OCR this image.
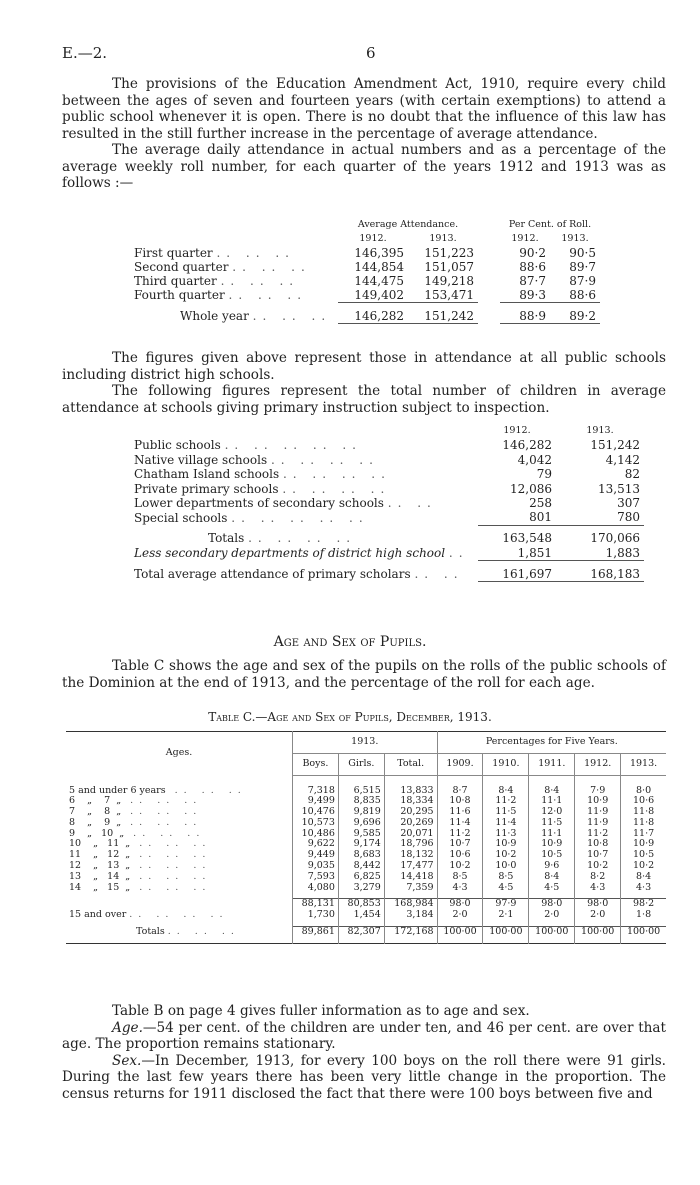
E.—2.	6

The provisions of the Education Amendment Act, 1910, require every child between the ages of seven and fourteen years (with certain exemptions) to attend a public school whenever it is open. There is no doubt that the influence of this law has resulted in the still further increase in the percentage of average attendance.

The average daily attendance in actual numbers and as a percentage of the average weekly roll number, for each quarter of the years 1912 and 1913 was as follows :—

	Average Attendance.			Per Cent. of Roll.	
	1912.	1913.		1912.	1913.
First quarter .. .. ..	146,395	151,223		90·2	90·5
Second quarter .. .. ..	144,854	151,057		88·6	89·7
Third quarter .. .. ..	144,475	149,218		87·7	87·9
Fourth quarter .. .. ..	149,402	153,471		89·3	88·6

Whole year .. .. ..	146,282	151,242		88·9	89·2

The figures given above represent those in attendance at all public schools including district high schools.

The following figures represent the total number of children in average attendance at schools giving primary instruction subject to inspection.

	1912.	1913.
Public schools .. .. .. .. ..	146,282	151,242
Native village schools .. .. .. ..	4,042	4,142
Chatham Island schools .. .. .. ..	79	82
Private primary schools .. .. .. ..	12,086	13,513
Lower departments of secondary schools .. ..	258	307
Special schools .. .. .. .. ..	801	780

Totals .. .. .. ..	163,548	170,066
Less secondary departments of district high school ..	1,851	1,883

Total average attendance of primary scholars .. ..	161,697	168,183

Age and Sex of Pupils.

Table C shows the age and sex of the pupils on the rolls of the public schools of the Dominion at the end of 1913, and the percentage of the roll for each age.

Table C.—Age and Sex of Pupils, December, 1913.
Ages.	1913.			Percentages for Five Years.				
	Boys.	Girls.	Total.	1909.	1910.	1911.	1912.	1913.

5 and under 6 years .. .. ..	7,318	6,515	13,833	8·7	8·4	8·4	7·9	8·0
6    „    7  „ .. .. ..	9,499	8,835	18,334	10·8	11·2	11·1	10·9	10·6
7    „    8  „ .. .. ..	10,476	9,819	20,295	11·6	11·5	12·0	11·9	11·8
8    „    9  „ .. .. ..	10,573	9,696	20,269	11·4	11·4	11·5	11·9	11·8
9    „   10  „ .. .. ..	10,486	9,585	20,071	11·2	11·3	11·1	11·2	11·7
10    „   11  „ .. .. ..	9,622	9,174	18,796	10·7	10·9	10·9	10·8	10·9
11    „   12  „ .. .. ..	9,449	8,683	18,132	10·6	10·2	10·5	10·7	10·5
12    „   13  „ .. .. ..	9,035	8,442	17,477	10·2	10·0	9·6	10·2	10·2
13    „   14  „ .. .. ..	7,593	6,825	14,418	8·5	8·5	8·4	8·2	8·4
14    „   15  „ .. .. ..	4,080	3,279	7,359	4·3	4·5	4·5	4·3	4·3

	88,131	80,853	168,984	98·0	97·9	98·0	98·0	98·2
15 and over .. .. .. ..	1,730	1,454	3,184	2·0	2·1	2·0	2·0	1·8

Totals .. .. ..	89,861	82,307	172,168	100·00	100·00	100·00	100·00	100·00

Table B on page 4 gives fuller information as to age and sex.

Age.—54 per cent. of the children are under ten, and 46 per cent. are over that age. The proportion remains stationary.

Sex.—In December, 1913, for every 100 boys on the roll there were 91 girls. During the last few years there has been very little change in the proportion. The census returns for 1911 disclosed the fact that there were 100 boys between five and
